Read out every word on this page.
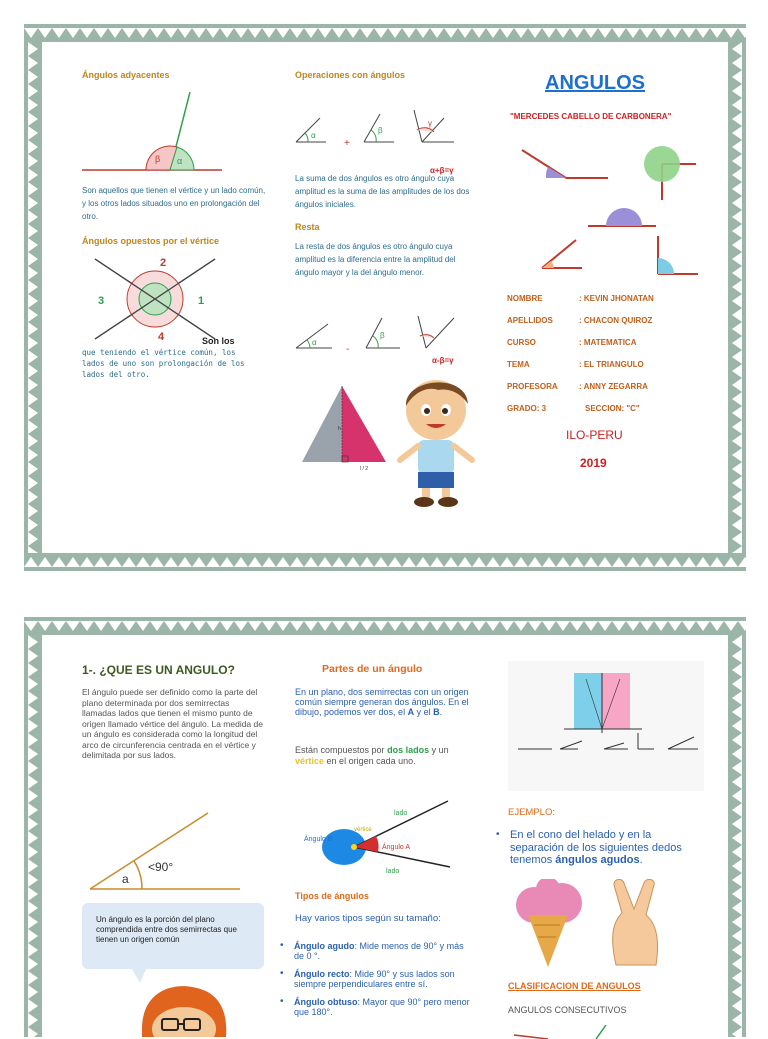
Ángulos adyacentes
β α
Son aquellos que tienen el vértice y un lado común, y los otros lados situados uno en prolongación del otro.
Ángulos opuestos por el vértice
2
1
3
4	Son los
que teniendo el vértice común, los lados de uno son prolongación de los lados del otro.
Operaciones con ángulos
α
+
β
γ
α+β=γ
La suma de dos ángulos es otro ángulo cuya amplitud es la suma de las amplitudes de los dos ángulos iniciales.
Resta
La resta de dos ángulos es otro ángulo cuya amplitud es la diferencia entre la amplitud del ángulo mayor y la del ángulo menor.
α
-
β
α-β=γ
l	l
h
l / 2
ANGULOS
"MERCEDES CABELLO DE CARBONERA"
NOMBRE	: KEVIN JHONATAN
APELLIDOS	: CHACON QUIROZ
CURSO	: MATEMATICA
TEMA	: EL TRIANGULO
PROFESORA	: ANNY ZEGARRA
GRADO: 3	SECCION: "C"
ILO-PERU
2019
1-. ¿QUE ES UN ANGULO?
El ángulo puede ser definido como la parte del plano determinada por dos semirrectas llamadas lados que tienen el mismo punto de origen llamado vértice del ángulo. La medida de un ángulo es considerada como la longitud del arco de circunferencia centrada en el vértice y delimitada por sus lados.
a
<90°
Un ángulo es la porción del plano comprendida entre dos semirrectas que tienen un origen común
Partes de un ángulo
En un plano, dos semirrectas con un origen común siempre generan dos ángulos. En el dibujo, podemos ver dos, el A y el B.
Están compuestos por dos lados y un vértice en el origen cada uno.
lado
vértice
Ángulo B
Ángulo A
lado
Tipos de ángulos
Hay varios tipos según su tamaño:
• Ángulo agudo: Mide menos de 90° y más de 0 °.
• Ángulo recto: Mide 90° y sus lados son siempre perpendiculares entre sí.
• Ángulo obtuso: Mayor que 90° pero menor que 180°.
EJEMPLO:
• En el cono del helado y en la separación de los siguientes dedos tenemos ángulos agudos.
CLASIFICACION DE ANGULOS
ANGULOS CONSECUTIVOS
